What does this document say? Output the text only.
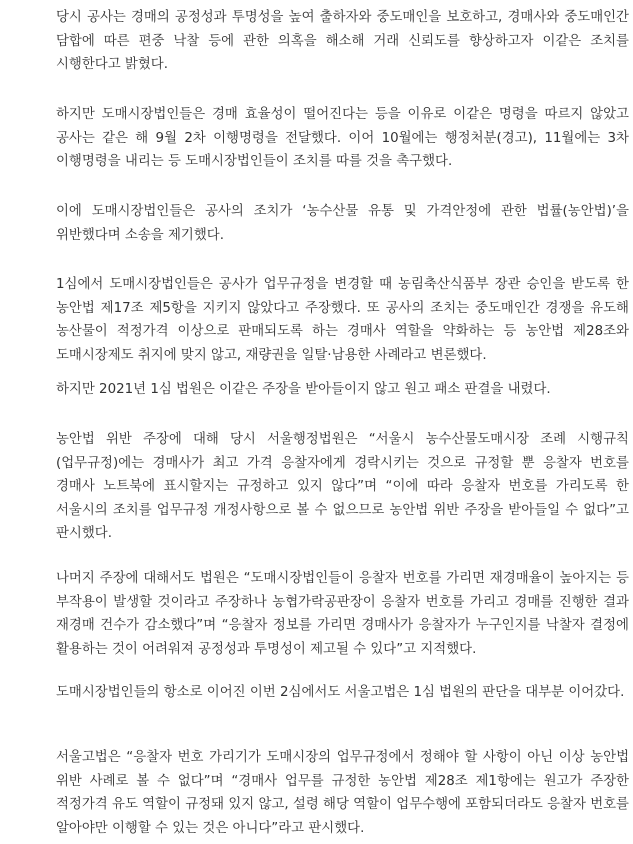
당시 공사는 경매의 공정성과 투명성을 높여 출하자와 중도매인을 보호하고, 경매사와 중도매인간 담합에 따른 편중 낙찰 등에 관한 의혹을 해소해 거래 신뢰도를 향상하고자 이같은 조치를 시행한다고 밝혔다.

하지만 도매시장법인들은 경매 효율성이 떨어진다는 등을 이유로 이같은 명령을 따르지 않았고 공사는 같은 해 9월 2차 이행명령을 전달했다. 이어 10월에는 행정처분(경고), 11월에는 3차 이행명령을 내리는 등 도매시장법인들이 조치를 따를 것을 촉구했다.

이에 도매시장법인들은 공사의 조치가 ‘농수산물 유통 및 가격안정에 관한 법률(농안법)’을 위반했다며 소송을 제기했다.

1심에서 도매시장법인들은 공사가 업무규정을 변경할 때 농림축산식품부 장관 승인을 받도록 한 농안법 제17조 제5항을 지키지 않았다고 주장했다. 또 공사의 조치는 중도매인간 경쟁을 유도해 농산물이 적정가격 이상으로 판매되도록 하는 경매사 역할을 약화하는 등 농안법 제28조와 도매시장제도 취지에 맞지 않고, 재량권을 일탈·남용한 사례라고 변론했다.

하지만 2021년 1심 법원은 이같은 주장을 받아들이지 않고 원고 패소 판결을 내렸다.

농안법 위반 주장에 대해 당시 서울행정법원은 “서울시 농수산물도매시장 조례 시행규칙(업무규정)에는 경매사가 최고 가격 응찰자에게 경락시키는 것으로 규정할 뿐 응찰자 번호를 경매사 노트북에 표시할지는 규정하고 있지 않다”며 “이에 따라 응찰자 번호를 가리도록 한 서울시의 조치를 업무규정 개정사항으로 볼 수 없으므로 농안법 위반 주장을 받아들일 수 없다”고 판시했다.

나머지 주장에 대해서도 법원은 “도매시장법인들이 응찰자 번호를 가리면 재경매율이 높아지는 등 부작용이 발생할 것이라고 주장하나 농협가락공판장이 응찰자 번호를 가리고 경매를 진행한 결과 재경매 건수가 감소했다”며 “응찰자 정보를 가리면 경매사가 응찰자가 누구인지를 낙찰자 결정에 활용하는 것이 어려워져 공정성과 투명성이 제고될 수 있다”고 지적했다.

도매시장법인들의 항소로 이어진 이번 2심에서도 서울고법은 1심 법원의 판단을 대부분 이어갔다.

서울고법은 “응찰자 번호 가리기가 도매시장의 업무규정에서 정해야 할 사항이 아닌 이상 농안법 위반 사례로 볼 수 없다”며 “경매사 업무를 규정한 농안법 제28조 제1항에는 원고가 주장한 적정가격 유도 역할이 규정돼 있지 않고, 설령 해당 역할이 업무수행에 포함되더라도 응찰자 번호를 알아야만 이행할 수 있는 것은 아니다”라고 판시했다.
